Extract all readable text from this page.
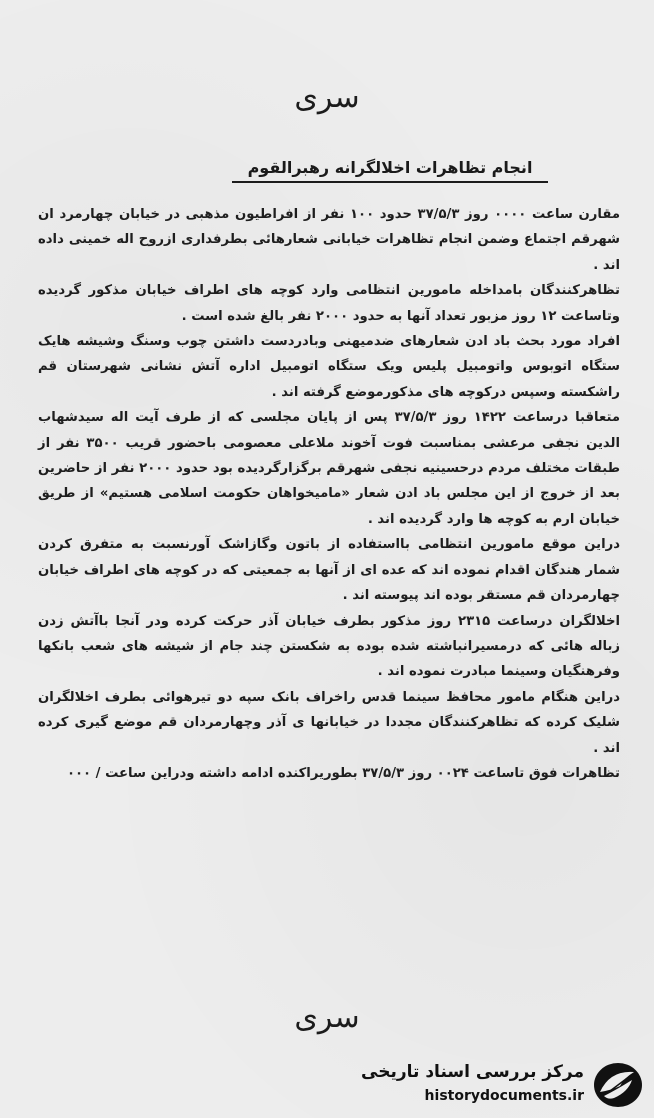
سری
انجام تظاهرات اخلالگرانه رهبرالقوم

مقارن ساعت ۰۰۰۰ روز ۳۷/۵/۳ حدود ۱۰۰ نفر از افراطیون مذهبی در خیابان چهارمرد ان شهرقم اجتماع وضمن انجام تظاهرات خیابانی شعارهائی بطرفداری ازروح اله خمینی داده اند .

تظاهرکنندگان بامداخله مامورین انتظامی وارد کوچه های اطراف خیابان مذکور گردیده وتاساعت ۱۲ روز مزبور تعداد آنها به حدود ۲۰۰۰ نفر بالغ شده است .

افراد مورد بحث باد ادن شعارهای ضدمیهنی وبادردست داشتن چوب وسنگ وشیشه هایک ستگاه اتوبوس واتومبیل پلیس ویک ستگاه اتومبیل اداره آتش نشانی شهرستان قم راشکسته وسپس درکوچه های مذکورموضع گرفته اند .

متعاقبا درساعت ۱۴۲۲ روز ۳۷/۵/۳ پس از پایان مجلسی که از طرف آیت اله سیدشهاب الدین نجفی مرعشی بمناسبت فوت آخوند ملاعلی معصومی باحضور قریب ۳۵۰۰ نفر از طبقات مختلف مردم درحسینیه نجفی شهرقم برگزارگردیده بود حدود ۲۰۰۰ نفر از حاضرین بعد از خروج از این مجلس باد ادن شعار «مامیخواهان حکومت اسلامی هستیم» از طریق خیابان ارم به کوچه ها وارد گردیده اند .

دراین موقع مامورین انتظامی بااستفاده از باتون وگازاشک آورنسبت به متفرق کردن شمار هندگان اقدام نموده اند که عده ای از آنها به جمعیتی که در کوچه های اطراف خیابان چهارمردان قم مستقر بوده اند پیوسته اند .

اخلالگران درساعت ۲۳۱۵ روز مذکور بطرف خیابان آذر حرکت کرده ودر آنجا باآتش زدن زباله هائی که درمسیرانباشته شده بوده به شکستن چند جام از شیشه های شعب بانکها وفرهنگیان وسینما مبادرت نموده اند .

دراین هنگام مامور محافظ سینما قدس راخراف بانک سپه دو تیرهوائی بطرف اخلالگران شلیک کرده که تظاهرکنندگان مجددا در خیابانها ی آذر وچهارمردان قم موضع گیری کرده اند .

تظاهرات فوق تاساعت ۰۰۲۴ روز ۳۷/۵/۳ بطوریراکنده ادامه داشته ودراین ساعت / ۰۰۰

سری
مرکز بررسی اسناد تاریخی
historydocuments.ir
